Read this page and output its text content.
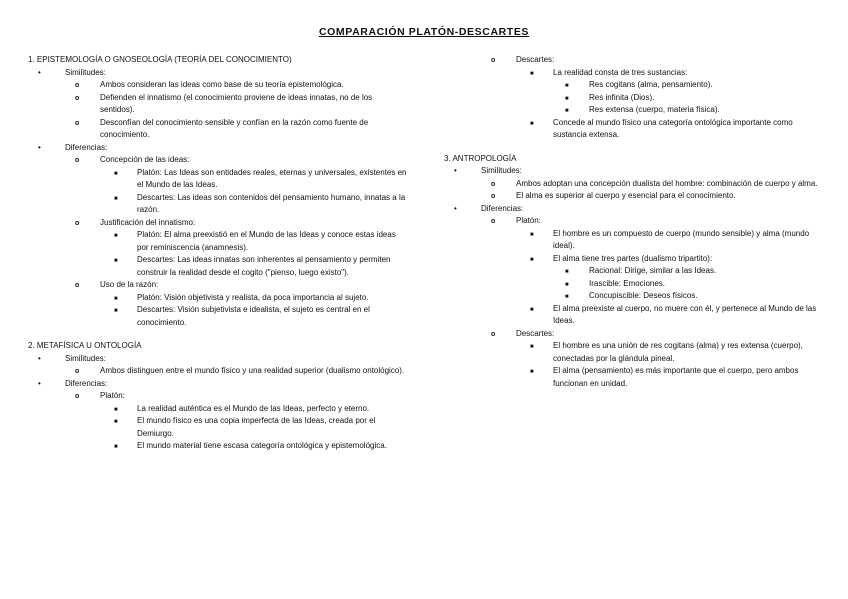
COMPARACIÓN PLATÓN-DESCARTES
1. EPISTEMOLOGÍA O GNOSEOLOGÍA (TEORÍA DEL CONOCIMIENTO)
•	Similitudes:
o	Ambos consideran las ideas como base de su teoría epistemológica.
o	Defienden el innatismo (el conocimiento proviene de ideas innatas, no de los sentidos).
o	Desconfían del conocimiento sensible y confían en la razón como fuente de conocimiento.
•	Diferencias:
o	Concepción de las ideas:
■ Platón: Las Ideas son entidades reales, eternas y universales, existentes en el Mundo de las Ideas.
■ Descartes: Las ideas son contenidos del pensamiento humano, innatas a la razón.
o	Justificación del innatismo:
■ Platón: El alma preexistió en el Mundo de las Ideas y conoce estas ideas por reminiscencia (anamnesis).
■ Descartes: Las ideas innatas son inherentes al pensamiento y permiten construir la realidad desde el cogito ("pienso, luego existo").
o	Uso de la razón:
■ Platón: Visión objetivista y realista, da poca importancia al sujeto.
■ Descartes: Visión subjetivista e idealista, el sujeto es central en el conocimiento.
2. METAFÍSICA U ONTOLOGÍA
•	Similitudes:
o	Ambos distinguen entre el mundo físico y una realidad superior (dualismo ontológico).
•	Diferencias:
o	Platón:
■ La realidad auténtica es el Mundo de las Ideas, perfecto y eterno.
■ El mundo físico es una copia imperfecta de las Ideas, creada por el Demiurgo.
■ El mundo material tiene escasa categoría ontológica y epistemológica.
o	Descartes:
■ La realidad consta de tres sustancias:
■	Res cogitans (alma, pensamiento).
■	Res infinita (Dios).
■	Res extensa (cuerpo, materia física).
■ Concede al mundo físico una categoría ontológica importante como sustancia extensa.
3. ANTROPOLOGÍA
•	Similitudes:
o	Ambos adoptan una concepción dualista del hombre: combinación de cuerpo y alma.
o	El alma es superior al cuerpo y esencial para el conocimiento.
•	Diferencias:
o	Platón:
■ El hombre es un compuesto de cuerpo (mundo sensible) y alma (mundo ideal).
■ El alma tiene tres partes (dualismo tripartito):
■	Racional: Dirige, similar a las Ideas.
■	Irascible: Emociones.
■	Concupiscible: Deseos físicos.
■ El alma preexiste al cuerpo, no muere con él, y pertenece al Mundo de las Ideas.
o	Descartes:
■ El hombre es una unión de res cogitans (alma) y res extensa (cuerpo), conectadas por la glándula pineal.
■ El alma (pensamiento) es más importante que el cuerpo, pero ambos funcionan en unidad.
